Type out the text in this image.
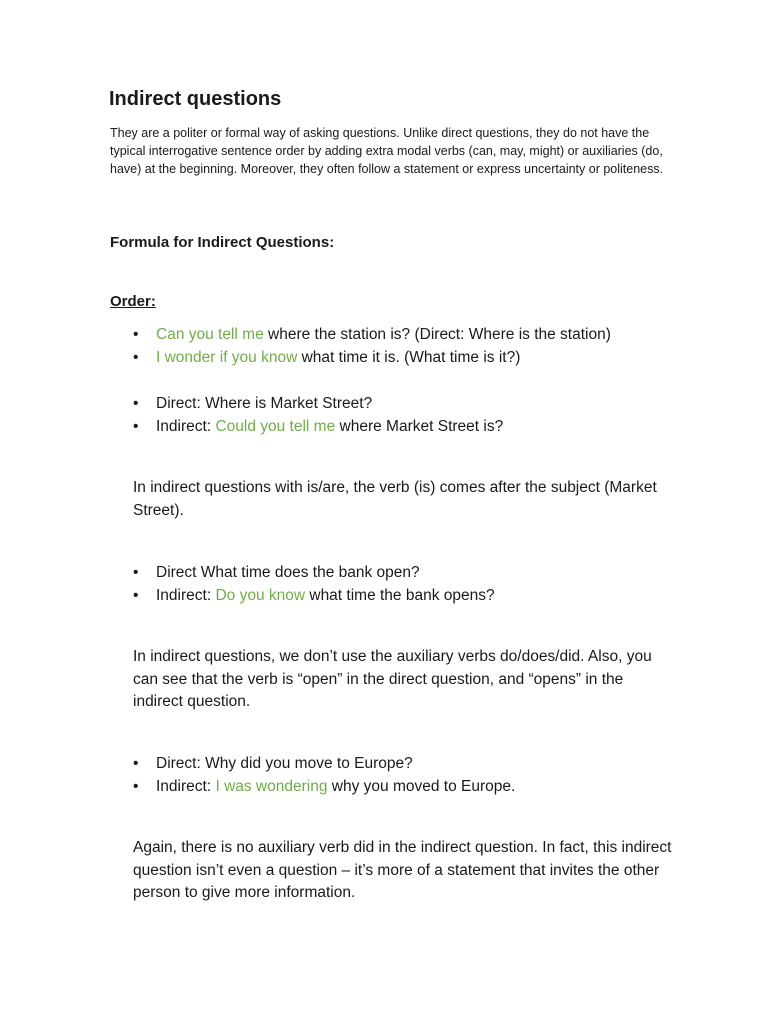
Indirect questions

They are a politer or formal way of asking questions. Unlike direct questions, they do not have the typical interrogative sentence order by adding extra modal verbs (can, may, might) or auxiliaries (do, have) at the beginning. Moreover, they often follow a statement or express uncertainty or politeness.

Formula for Indirect Questions:

Order:

• Can you tell me where the station is? (Direct: Where is the station)
• I wonder if you know what time it is. (What time is it?)
• Direct: Where is Market Street?
• Indirect: Could you tell me where Market Street is?

In indirect questions with is/are, the verb (is) comes after the subject (Market Street).

• Direct What time does the bank open?
• Indirect: Do you know what time the bank opens?

In indirect questions, we don’t use the auxiliary verbs do/does/did. Also, you can see that the verb is “open” in the direct question, and “opens” in the indirect question.

• Direct: Why did you move to Europe?
• Indirect: I was wondering why you moved to Europe.

Again, there is no auxiliary verb did in the indirect question. In fact, this indirect question isn’t even a question – it’s more of a statement that invites the other person to give more information.
